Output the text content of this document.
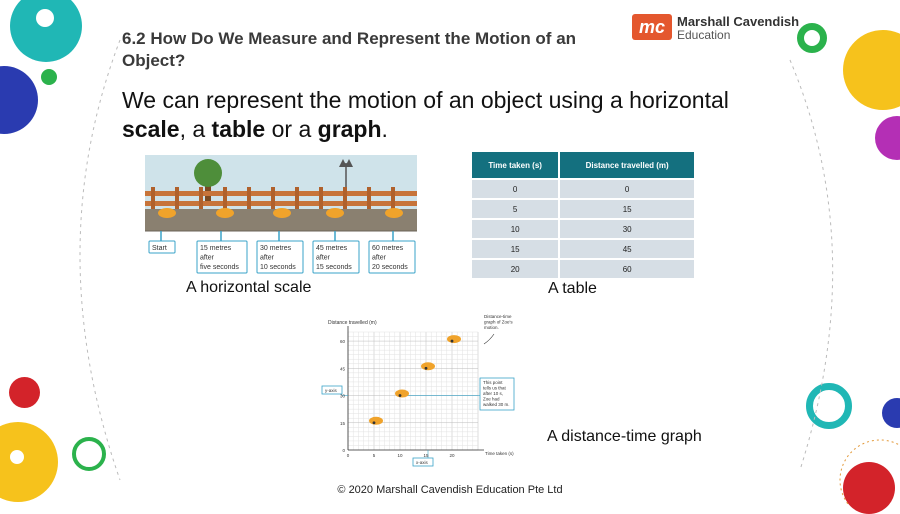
6.2 How Do We Measure and Represent the Motion of an Object?
mc Marshall Cavendish
Education
We can represent the motion of an object using a horizontal
scale, a table or a graph.
Start	15 metres
after
five seconds
30 metres
after
10 seconds
45 metres
after
15 seconds
60 metres
after
20 seconds
A horizontal scale
Time taken (s)	Distance travelled (m)
0	0
5	15
10	30
15	45
20	60
A table
Distance travelled (m)
Time taken (s)
60
45
30
15
0
0	5	10	15	20
y-axis
x-axis
Distance-time
graph of Zoe's
motion.
This point
tells us that
after 10 s,
Zoe had
walked 30 m.
A distance-time graph
© 2020 Marshall Cavendish Education Pte Ltd
